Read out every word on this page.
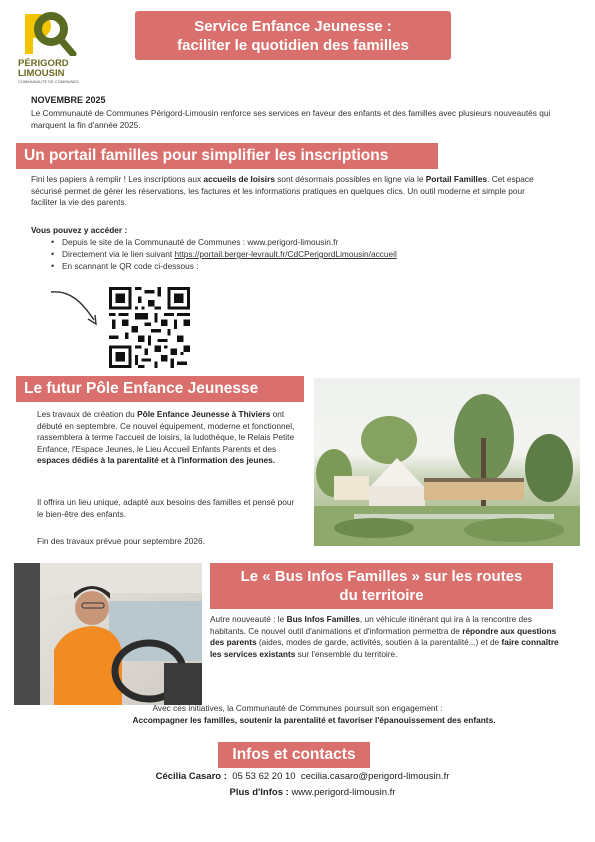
PÉRIGORD
LIMOUSIN
COMMUNAUTÉ DE COMMUNES
Service Enfance Jeunesse :
faciliter le quotidien des familles
NOVEMBRE 2025
Le Communauté de Communes Périgord-Limousin renforce ses services en faveur des enfants et des familles avec plusieurs nouveautés qui marquent la fin d'année 2025.
Un portail familles pour simplifier les inscriptions
Fini les papiers à remplir ! Les inscriptions aux accueils de loisirs sont désormais possibles en ligne via le Portail Familles. Cet espace sécurisé permet de gérer les réservations, les factures et les informations pratiques en quelques clics. Un outil moderne et simple pour faciliter la vie des parents.
Vous pouvez y accéder :
• Depuis le site de la Communauté de Communes : www.perigord-limousin.fr
• Directement via le lien suivant https://portail.berger-levrault.fr/CdCPerigordLimousin/accueil
• En scannant le QR code ci-dessous :
Le futur Pôle Enfance Jeunesse
Les travaux de création du Pôle Enfance Jeunesse à Thiviers ont débuté en septembre. Ce nouvel équipement, moderne et fonctionnel, rassemblera à terme l'accueil de loisirs, la ludothèque, le Relais Petite Enfance, l'Espace Jeunes, le Lieu Accueil Enfants Parents et des espaces dédiés à la parentalité et à l'information des jeunes.
Il offrira un lieu unique, adapté aux besoins des familles et pensé pour le bien-être des enfants.
Fin des travaux prévue pour septembre 2026.
Le « Bus Infos Familles » sur les routes
du territoire
Autre nouveauté : le Bus Infos Familles, un véhicule itinérant qui ira à la rencontre des habitants. Ce nouvel outil d'animations et d'information permettra de répondre aux questions des parents (aides, modes de garde, activités, soutien à la parentalité...) et de faire connaître les services existants sur l'ensemble du territoire.
Avec ces initiatives, la Communauté de Communes poursuit son engagement :
Accompagner les familles, soutenir la parentalité et favoriser l'épanouissement des enfants.
Infos et contacts
Cécilia Casaro : 05 53 62 20 10 cecilia.casaro@perigord-limousin.fr
Plus d'Infos : www.perigord-limousin.fr
